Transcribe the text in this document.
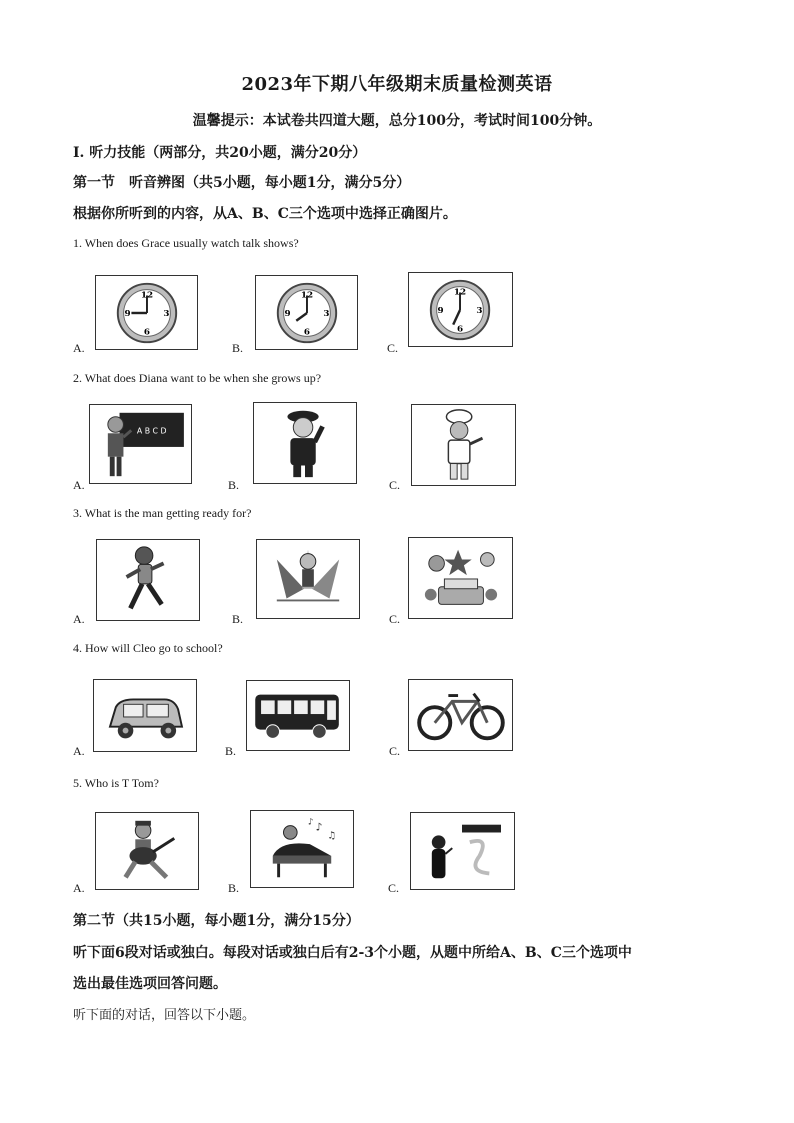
2023年下期八年级期末质量检测英语
温馨提示：本试卷共四道大题，总分100分，考试时间100分钟。
I. 听力技能（两部分，共20小题，满分20分）
第一节　听音辨图（共5小题，每小题1分，满分5分）
根据你所听到的内容，从A、B、C三个选项中选择正确图片。
1. When does Grace usually watch talk shows?
A.
12
3
6
9
B.
12
3
6
9
C.
12
3
6
9
2. What does Diana want to be when she grows up?
A.
A B C D
B.	C.
3. What is the man getting ready for?
A.	B.	C.
4. How will Cleo go to school?
A.	B.	C.
5. Who is T Tom?
A.	B.
♪
♫
♪
C.
第二节（共15小题，每小题1分，满分15分）
听下面6段对话或独白。每段对话或独白后有2-3个小题，从题中所给A、B、C三个选项中
选出最佳选项回答问题。
听下面的对话，回答以下小题。
